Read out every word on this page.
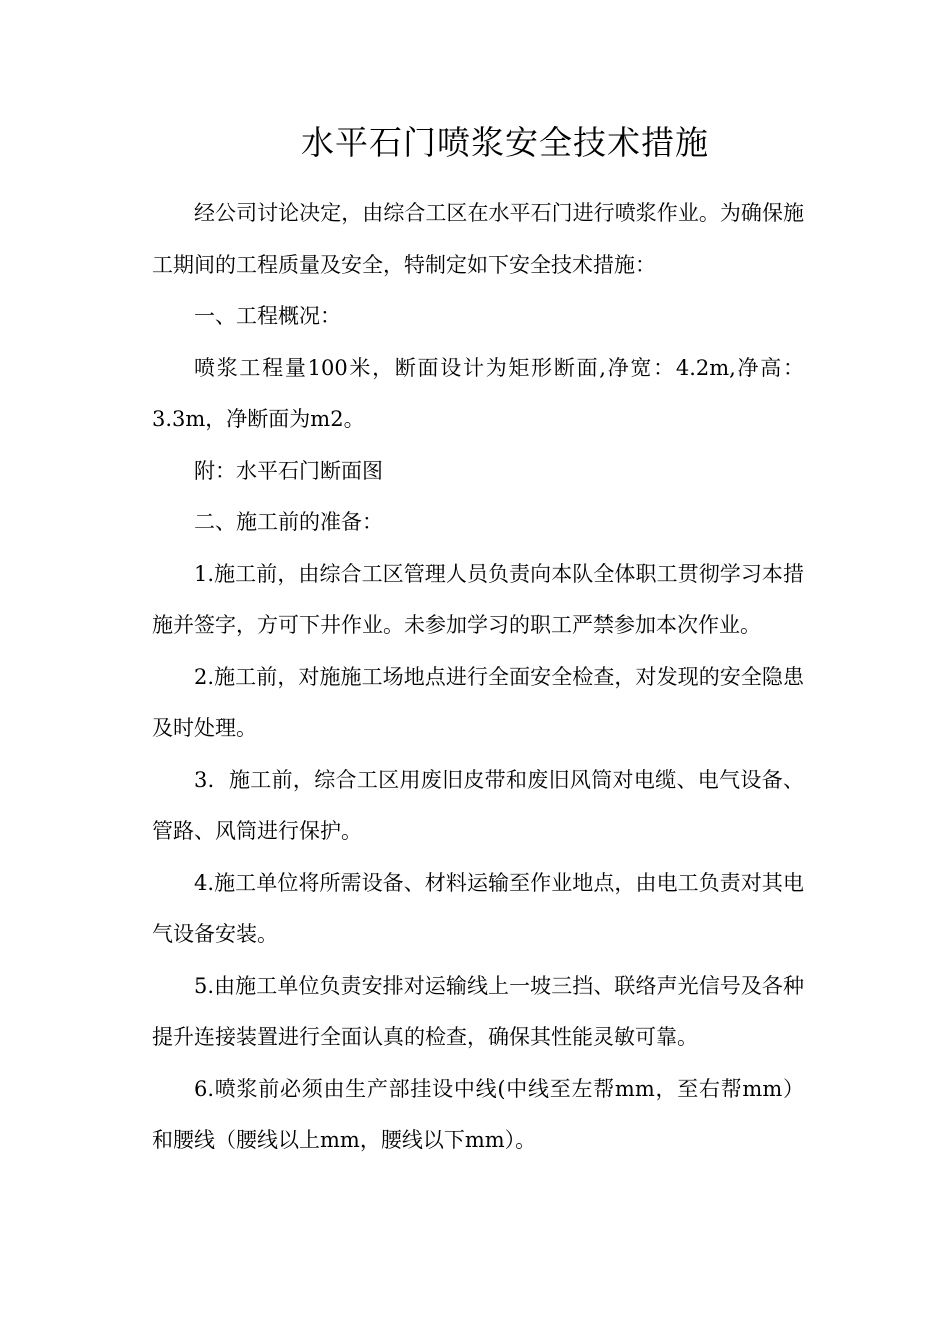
水平石门喷浆安全技术措施

经公司讨论决定，由综合工区在水平石门进行喷浆作业。为确保施工期间的工程质量及安全，特制定如下安全技术措施：

一、工程概况：

喷浆工程量100米，断面设计为矩形断面,净宽：4.2m,净高：3.3m，净断面为m2。

附：水平石门断面图

二、施工前的准备：

1.施工前，由综合工区管理人员负责向本队全体职工贯彻学习本措施并签字，方可下井作业。未参加学习的职工严禁参加本次作业。

2.施工前，对施施工场地点进行全面安全检查，对发现的安全隐患及时处理。

3．施工前，综合工区用废旧皮带和废旧风筒对电缆、电气设备、管路、风筒进行保护。

4.施工单位将所需设备、材料运输至作业地点，由电工负责对其电气设备安装。

5.由施工单位负责安排对运输线上一坡三挡、联络声光信号及各种提升连接装置进行全面认真的检查，确保其性能灵敏可靠。

6.喷浆前必须由生产部挂设中线(中线至左帮mm，至右帮mm）和腰线（腰线以上mm，腰线以下mm）。
